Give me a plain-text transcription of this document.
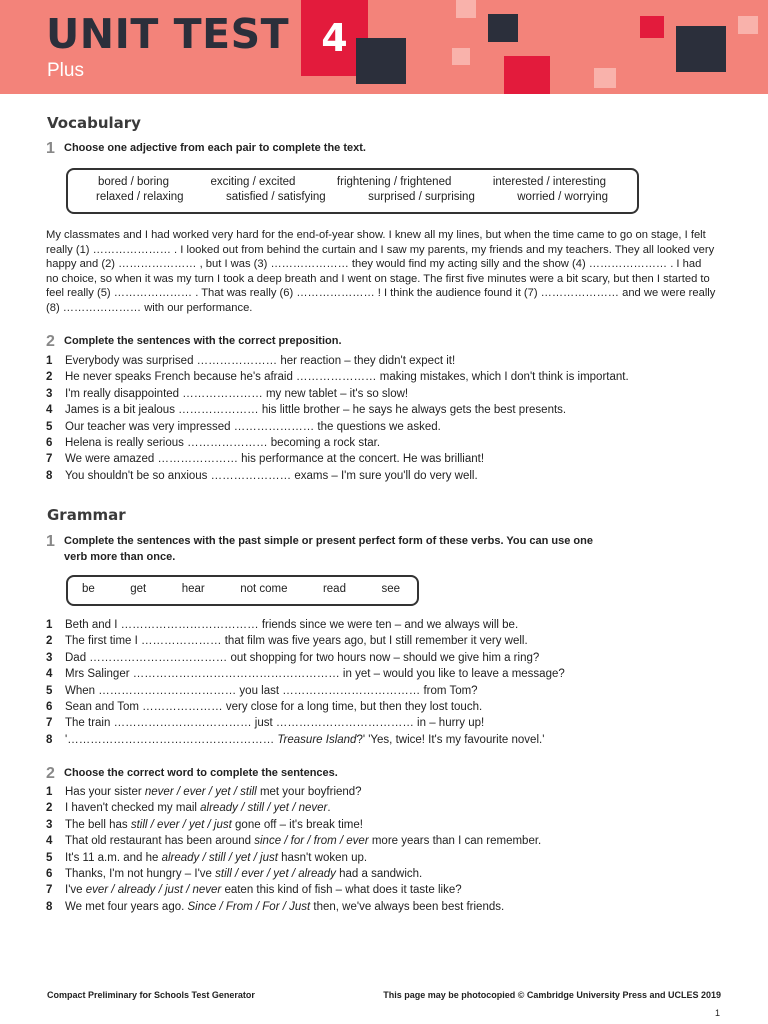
UNIT TEST
Plus
4
Vocabulary
1 Choose one adjective from each pair to complete the text.
bored / boring	exciting / excited	frightening / frightened	interested / interesting
relaxed / relaxing	satisfied / satisfying	surprised / surprising	worried / worrying
My classmates and I had worked very hard for the end-of-year show. I knew all my lines, but when the time came to go on stage, I felt really (1) ………………… . I looked out from behind the curtain and I saw my parents, my friends and my teachers. They all looked very happy and (2) ………………… , but I was (3) ………………… they would find my acting silly and the show (4) ………………… . I had no choice, so when it was my turn I took a deep breath and I went on stage. The first five minutes were a bit scary, but then I started to feel really (5) ………………… . That was really (6) ………………… ! I think the audience found it (7) ………………… and we were really (8) ………………… with our performance.
2 Complete the sentences with the correct preposition.
1 Everybody was surprised ………………… her reaction – they didn't expect it!
2 He never speaks French because he's afraid ………………… making mistakes, which I don't think is important.
3 I'm really disappointed ………………… my new tablet – it's so slow!
4 James is a bit jealous ………………… his little brother – he says he always gets the best presents.
5 Our teacher was very impressed ………………… the questions we asked.
6 Helena is really serious ………………… becoming a rock star.
7 We were amazed ………………… his performance at the concert. He was brilliant!
8 You shouldn't be so anxious ………………… exams – I'm sure you'll do very well.
Grammar
1 Complete the sentences with the past simple or present perfect form of these verbs. You can use one
verb more than once.
be	get	hear	not come	read	see
1 Beth and I ……………………………… friends since we were ten – and we always will be.
2 The first time I ………………… that film was five years ago, but I still remember it very well.
3 Dad ……………………………… out shopping for two hours now – should we give him a ring?
4 Mrs Salinger ……………………………………………… in yet – would you like to leave a message?
5 When ……………………………… you last ……………………………… from Tom?
6 Sean and Tom ………………… very close for a long time, but then they lost touch.
7 The train ……………………………… just ……………………………… in – hurry up!
8 '……………………………………………… Treasure Island?' 'Yes, twice! It's my favourite novel.'
2 Choose the correct word to complete the sentences.
1 Has your sister never / ever / yet / still met your boyfriend?
2 I haven't checked my mail already / still / yet / never.
3 The bell has still / ever / yet / just gone off – it's break time!
4 That old restaurant has been around since / for / from / ever more years than I can remember.
5 It's 11 a.m. and he already / still / yet / just hasn't woken up.
6 Thanks, I'm not hungry – I've still / ever / yet / already had a sandwich.
7 I've ever / already / just / never eaten this kind of fish – what does it taste like?
8 We met four years ago. Since / From / For / Just then, we've always been best friends.
Compact Preliminary for Schools Test Generator	This page may be photocopied © Cambridge University Press and UCLES 2019
1
